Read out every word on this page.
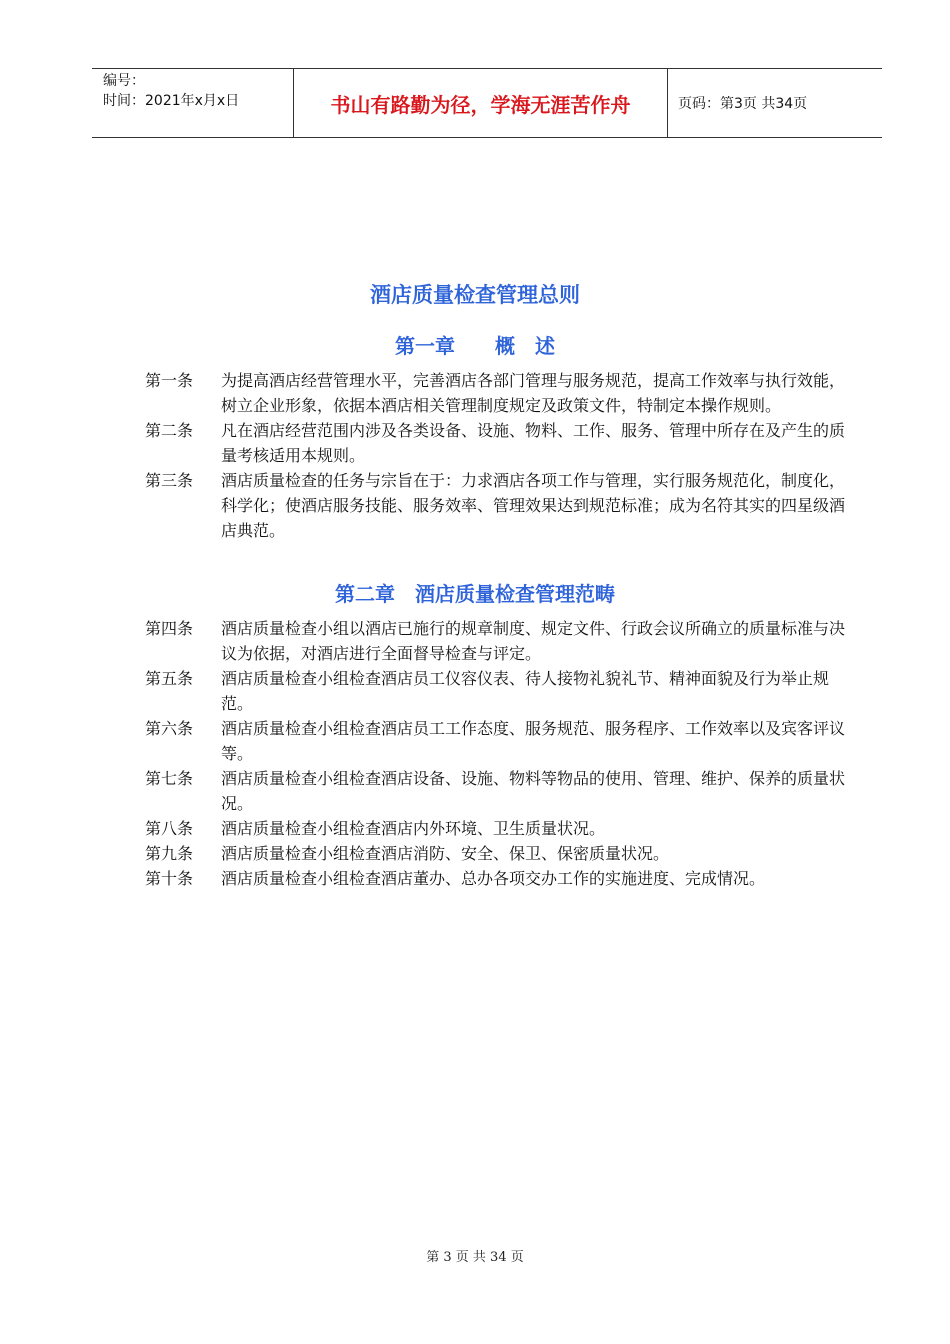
编号：
时间：2021年x月x日	书山有路勤为径，学海无涯苦作舟	页码：第3页 共34页
酒店质量检查管理总则
第一章　　概　述
第一条	为提高酒店经营管理水平，完善酒店各部门管理与服务规范，提高工作效率与执行效能，树立企业形象，依据本酒店相关管理制度规定及政策文件，特制定本操作规则。
第二条	凡在酒店经营范围内涉及各类设备、设施、物料、工作、服务、管理中所存在及产生的质量考核适用本规则。
第三条	酒店质量检查的任务与宗旨在于：力求酒店各项工作与管理，实行服务规范化，制度化，科学化；使酒店服务技能、服务效率、管理效果达到规范标准；成为名符其实的四星级酒店典范。
第二章　酒店质量检查管理范畴
第四条	酒店质量检查小组以酒店已施行的规章制度、规定文件、行政会议所确立的质量标准与决议为依据，对酒店进行全面督导检查与评定。
第五条	酒店质量检查小组检查酒店员工仪容仪表、待人接物礼貌礼节、精神面貌及行为举止规范。
第六条	酒店质量检查小组检查酒店员工工作态度、服务规范、服务程序、工作效率以及宾客评议等。
第七条	酒店质量检查小组检查酒店设备、设施、物料等物品的使用、管理、维护、保养的质量状况。
第八条	酒店质量检查小组检查酒店内外环境、卫生质量状况。
第九条	酒店质量检查小组检查酒店消防、安全、保卫、保密质量状况。
第十条	酒店质量检查小组检查酒店董办、总办各项交办工作的实施进度、完成情况。
第 3 页 共 34 页
